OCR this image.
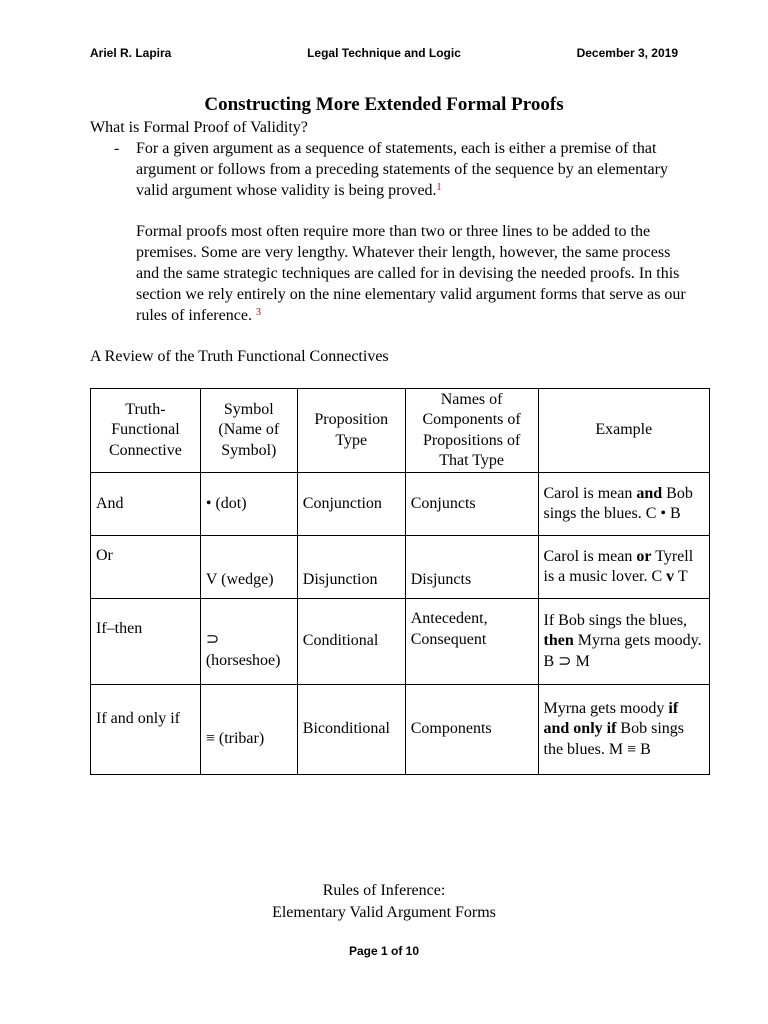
Ariel R. Lapira	Legal Technique and Logic	December 3, 2019
Constructing More Extended Formal Proofs
What is Formal Proof of Validity?
- For a given argument as a sequence of statements, each is either a premise of that argument or follows from a preceding statements of the sequence by an elementary valid argument whose validity is being proved.$^1$
Formal proofs most often require more than two or three lines to be added to the premises. Some are very lengthy. Whatever their length, however, the same process and the same strategic techniques are called for in devising the needed proofs. In this section we rely entirely on the nine elementary valid argument forms that serve as our rules of inference. $^3$
A Review of the Truth Functional Connectives
Truth-Functional Connective	Symbol (Name of Symbol)	Proposition Type	Names of Components of Propositions of That Type	Example
And	• (dot)	Conjunction	Conjuncts	Carol is mean and Bob sings the blues. C • B
Or	V (wedge)	Disjunction	Disjuncts	Carol is mean or Tyrell is a music lover. C v T
If–then	⊃ (horseshoe)	Conditional	Antecedent, Consequent	If Bob sings the blues, then Myrna gets moody. B ⊃ M
If and only if	≡ (tribar)	Biconditional	Components	Myrna gets moody if and only if Bob sings the blues. M ≡ B
Rules of Inference:
Elementary Valid Argument Forms
Page 1 of 10
